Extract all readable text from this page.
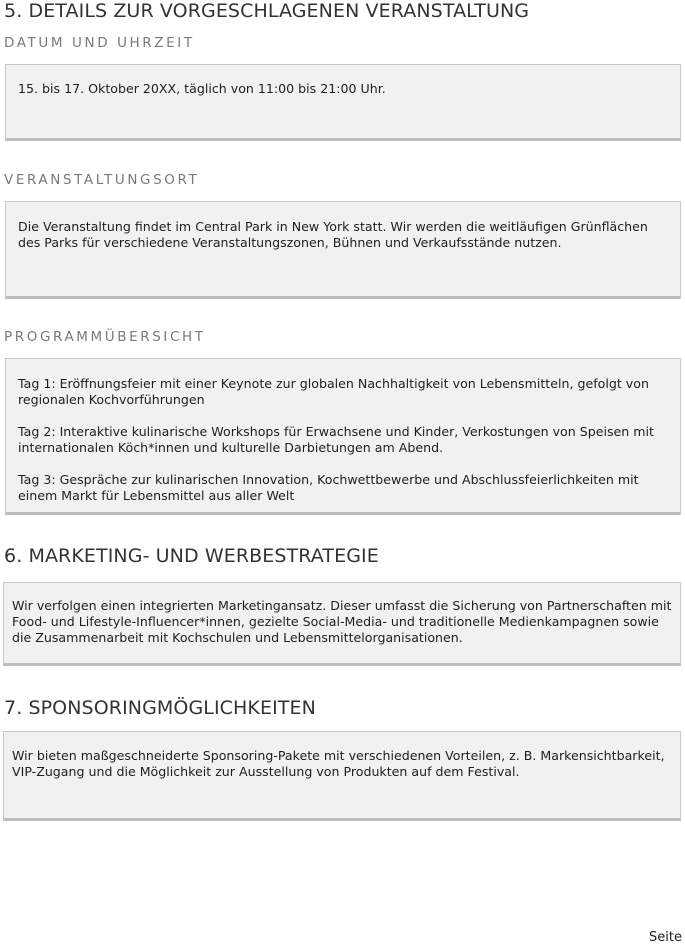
5. DETAILS ZUR VORGESCHLAGENEN VERANSTALTUNG
DATUM UND UHRZEIT

15. bis 17. Oktober 20XX, täglich von 11:00 bis 21:00 Uhr.

VERANSTALTUNGSORT

Die Veranstaltung findet im Central Park in New York statt. Wir werden die weitläufigen Grünflächen des Parks für verschiedene Veranstaltungszonen, Bühnen und Verkaufsstände nutzen.

PROGRAMMÜBERSICHT

Tag 1: Eröffnungsfeier mit einer Keynote zur globalen Nachhaltigkeit von Lebensmitteln, gefolgt von regionalen Kochvorführungen

Tag 2: Interaktive kulinarische Workshops für Erwachsene und Kinder, Verkostungen von Speisen mit internationalen Köch*innen und kulturelle Darbietungen am Abend.

Tag 3: Gespräche zur kulinarischen Innovation, Kochwettbewerbe und Abschlussfeierlichkeiten mit einem Markt für Lebensmittel aus aller Welt

6. MARKETING- UND WERBESTRATEGIE

Wir verfolgen einen integrierten Marketingansatz. Dieser umfasst die Sicherung von Partnerschaften mit Food- und Lifestyle-Influencer*innen, gezielte Social-Media- und traditionelle Medienkampagnen sowie die Zusammenarbeit mit Kochschulen und Lebensmittelorganisationen.

7. SPONSORINGMÖGLICHKEITEN

Wir bieten maßgeschneiderte Sponsoring-Pakete mit verschiedenen Vorteilen, z. B. Markensichtbarkeit, VIP-Zugang und die Möglichkeit zur Ausstellung von Produkten auf dem Festival.

Seite
